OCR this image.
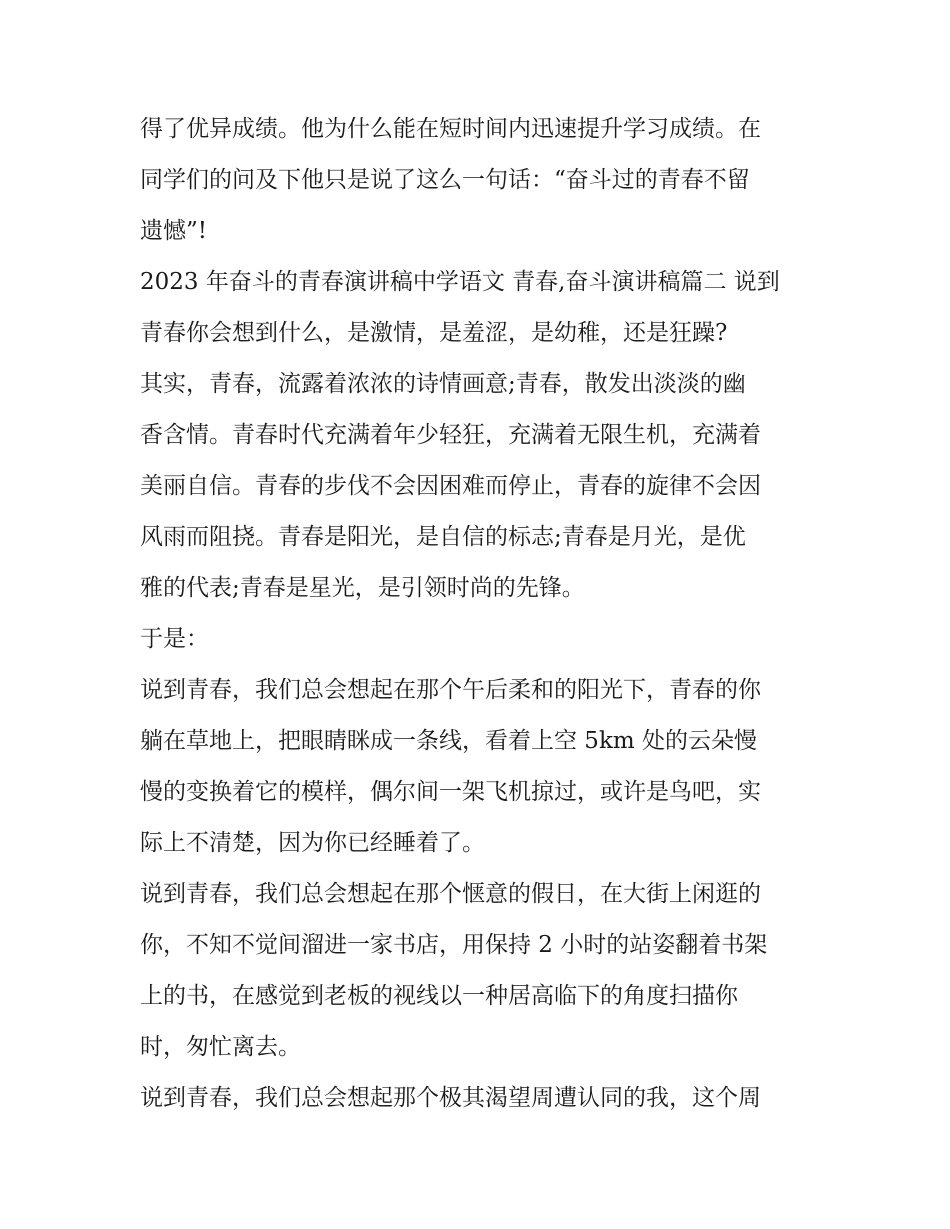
得了优异成绩。他为什么能在短时间内迅速提升学习成绩。在
同学们的问及下他只是说了这么一句话：“奋斗过的青春不留
遗憾”!
2023 年奋斗的青春演讲稿中学语文 青春,奋斗演讲稿篇二 说到
青春你会想到什么，是激情，是羞涩，是幼稚，还是狂躁?
其实，青春，流露着浓浓的诗情画意;青春，散发出淡淡的幽
香含情。青春时代充满着年少轻狂，充满着无限生机，充满着
美丽自信。青春的步伐不会因困难而停止，青春的旋律不会因
风雨而阻挠。青春是阳光，是自信的标志;青春是月光，是优
雅的代表;青春是星光，是引领时尚的先锋。
于是：
说到青春，我们总会想起在那个午后柔和的阳光下，青春的你
躺在草地上，把眼睛眯成一条线，看着上空 5km 处的云朵慢
慢的变换着它的模样，偶尔间一架飞机掠过，或许是鸟吧，实
际上不清楚，因为你已经睡着了。
说到青春，我们总会想起在那个惬意的假日，在大街上闲逛的
你，不知不觉间溜进一家书店，用保持 2 小时的站姿翻着书架
上的书，在感觉到老板的视线以一种居高临下的角度扫描你
时，匆忙离去。
说到青春，我们总会想起那个极其渴望周遭认同的我，这个周
